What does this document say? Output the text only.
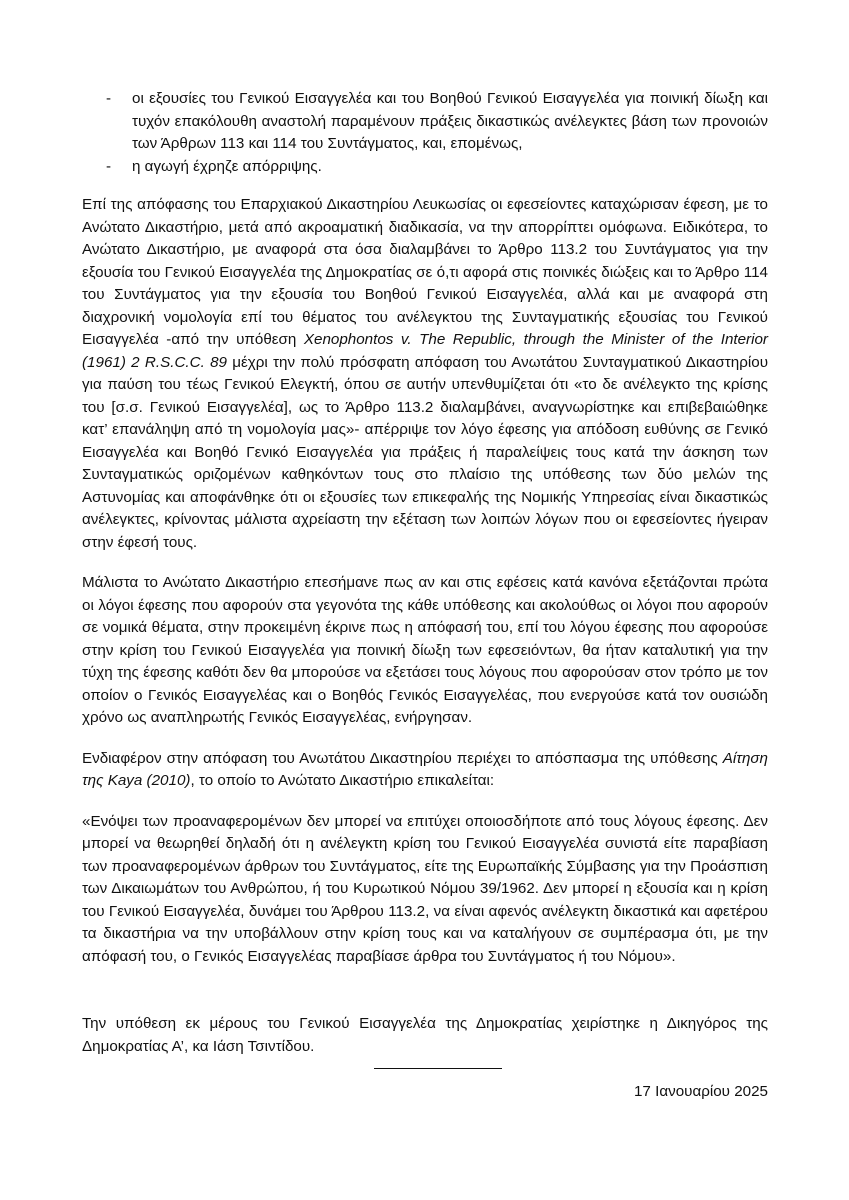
-	οι εξουσίες του Γενικού Εισαγγελέα και του Βοηθού Γενικού Εισαγγελέα για ποινική δίωξη και τυχόν επακόλουθη αναστολή παραμένουν πράξεις δικαστικώς ανέλεγκτες βάση των προνοιών των Άρθρων 113 και 114 του Συντάγματος, και, επομένως,
-	η αγωγή έχρηζε απόρριψης.

Επί της απόφασης του Επαρχιακού Δικαστηρίου Λευκωσίας οι εφεσείοντες καταχώρισαν έφεση, με το Ανώτατο Δικαστήριο, μετά από ακροαματική διαδικασία, να την απορρίπτει ομόφωνα. Ειδικότερα, το Ανώτατο Δικαστήριο, με αναφορά στα όσα διαλαμβάνει το Άρθρο 113.2 του Συντάγματος για την εξουσία του Γενικού Εισαγγελέα της Δημοκρατίας σε ό,τι αφορά στις ποινικές διώξεις και το Άρθρο 114 του Συντάγματος για την εξουσία του Βοηθού Γενικού Εισαγγελέα, αλλά και με αναφορά στη διαχρονική νομολογία επί του θέματος του ανέλεγκτου της Συνταγματικής εξουσίας του Γενικού Εισαγγελέα -από την υπόθεση Xenophontos v. The Republic, through the Minister of the Interior (1961) 2 R.S.C.C. 89 μέχρι την πολύ πρόσφατη απόφαση του Ανωτάτου Συνταγματικού Δικαστηρίου για παύση του τέως Γενικού Ελεγκτή, όπου σε αυτήν υπενθυμίζεται ότι «το δε ανέλεγκτο της κρίσης του [σ.σ. Γενικού Εισαγγελέα], ως το Άρθρο 113.2 διαλαμβάνει, αναγνωρίστηκε και επιβεβαιώθηκε κατ’ επανάληψη από τη νομολογία μας»- απέρριψε τον λόγο έφεσης για απόδοση ευθύνης σε Γενικό Εισαγγελέα και Βοηθό Γενικό Εισαγγελέα για πράξεις ή παραλείψεις τους κατά την άσκηση των Συνταγματικώς οριζομένων καθηκόντων τους στο πλαίσιο της υπόθεσης των δύο μελών της Αστυνομίας και αποφάνθηκε ότι οι εξουσίες των επικεφαλής της Νομικής Υπηρεσίας είναι δικαστικώς ανέλεγκτες, κρίνοντας μάλιστα αχρείαστη την εξέταση των λοιπών λόγων που οι εφεσείοντες ήγειραν στην έφεσή τους.

Μάλιστα το Ανώτατο Δικαστήριο επεσήμανε πως αν και στις εφέσεις κατά κανόνα εξετάζονται πρώτα οι λόγοι έφεσης που αφορούν στα γεγονότα της κάθε υπόθεσης και ακολούθως οι λόγοι που αφορούν σε νομικά θέματα, στην προκειμένη έκρινε πως η απόφασή του, επί του λόγου έφεσης που αφορούσε στην κρίση του Γενικού Εισαγγελέα για ποινική δίωξη των εφεσειόντων, θα ήταν καταλυτική για την τύχη της έφεσης καθότι δεν θα μπορούσε να εξετάσει τους λόγους που αφορούσαν στον τρόπο με τον οποίον ο Γενικός Εισαγγελέας και ο Βοηθός Γενικός Εισαγγελέας, που ενεργούσε κατά τον ουσιώδη χρόνο ως αναπληρωτής Γενικός Εισαγγελέας, ενήργησαν.

Ενδιαφέρον στην απόφαση του Ανωτάτου Δικαστηρίου περιέχει το απόσπασμα της υπόθεσης Αίτηση της Kaya (2010), το οποίο το Ανώτατο Δικαστήριο επικαλείται:

«Ενόψει των προαναφερομένων δεν μπορεί να επιτύχει οποιοσδήποτε από τους λόγους έφεσης. Δεν μπορεί να θεωρηθεί δηλαδή ότι η ανέλεγκτη κρίση του Γενικού Εισαγγελέα συνιστά είτε παραβίαση των προαναφερομένων άρθρων του Συντάγματος, είτε της Ευρωπαϊκής Σύμβασης για την Προάσπιση των Δικαιωμάτων του Ανθρώπου, ή του Κυρωτικού Νόμου 39/1962. Δεν μπορεί η εξουσία και η κρίση του Γενικού Εισαγγελέα, δυνάμει του Άρθρου 113.2, να είναι αφενός ανέλεγκτη δικαστικά και αφετέρου τα δικαστήρια να την υποβάλλουν στην κρίση τους και να καταλήγουν σε συμπέρασμα ότι, με την απόφασή του, ο Γενικός Εισαγγελέας παραβίασε άρθρα του Συντάγματος ή του Νόμου».

Την υπόθεση εκ μέρους του Γενικού Εισαγγελέα της Δημοκρατίας χειρίστηκε η Δικηγόρος της Δημοκρατίας Α’, κα Ιάση Τσιντίδου.

17 Ιανουαρίου 2025
